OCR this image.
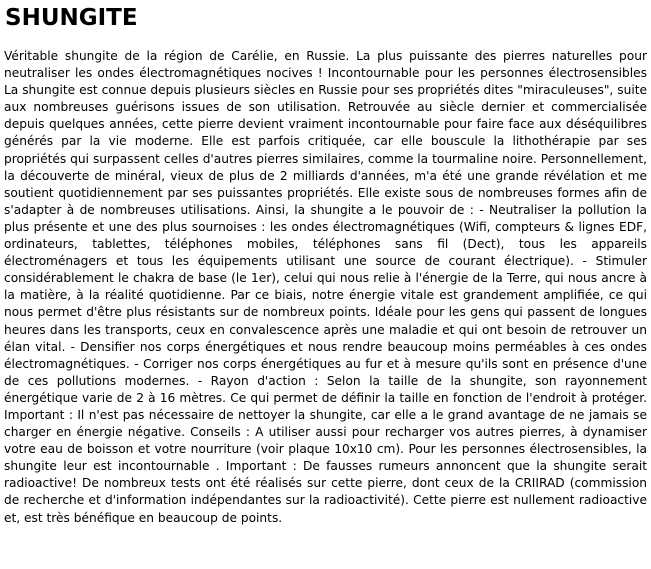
SHUNGITE

Véritable shungite de la région de Carélie, en Russie. La plus puissante des pierres naturelles pour neutraliser les ondes électromagnétiques nocives ! Incontournable pour les personnes électrosensibles La shungite est connue depuis plusieurs siècles en Russie pour ses propriétés dites "miraculeuses", suite aux nombreuses guérisons issues de son utilisation. Retrouvée au siècle dernier et commercialisée depuis quelques années, cette pierre devient vraiment incontournable pour faire face aux déséquilibres générés par la vie moderne. Elle est parfois critiquée, car elle bouscule la lithothérapie par ses propriétés qui surpassent celles d'autres pierres similaires, comme la tourmaline noire. Personnellement, la découverte de minéral, vieux de plus de 2 milliards d'années, m'a été une grande révélation et me soutient quotidiennement par ses puissantes propriétés. Elle existe sous de nombreuses formes afin de s'adapter à de nombreuses utilisations. Ainsi, la shungite a le pouvoir de : - Neutraliser la pollution la plus présente et une des plus sournoises : les ondes électromagnétiques (Wifi, compteurs & lignes EDF, ordinateurs, tablettes, téléphones mobiles, téléphones sans fil (Dect), tous les appareils électroménagers et tous les équipements utilisant une source de courant électrique). - Stimuler considérablement le chakra de base (le 1er), celui qui nous relie à l'énergie de la Terre, qui nous ancre à la matière, à la réalité quotidienne. Par ce biais, notre énergie vitale est grandement amplifiée, ce qui nous permet d'être plus résistants sur de nombreux points. Idéale pour les gens qui passent de longues heures dans les transports, ceux en convalescence après une maladie et qui ont besoin de retrouver un élan vital. - Densifier nos corps énergétiques et nous rendre beaucoup moins perméables à ces ondes électromagnétiques. - Corriger nos corps énergétiques au fur et à mesure qu'ils sont en présence d'une de ces pollutions modernes. - Rayon d'action : Selon la taille de la shungite, son rayonnement énergétique varie de 2 à 16 mètres. Ce qui permet de définir la taille en fonction de l'endroit à protéger. Important : Il n'est pas nécessaire de nettoyer la shungite, car elle a le grand avantage de ne jamais se charger en énergie négative. Conseils : A utiliser aussi pour recharger vos autres pierres, à dynamiser votre eau de boisson et votre nourriture (voir plaque 10x10 cm). Pour les personnes électrosensibles, la shungite leur est incontournable . Important : De fausses rumeurs annoncent que la shungite serait radioactive! De nombreux tests ont été réalisés sur cette pierre, dont ceux de la CRIIRAD (commission de recherche et d'information indépendantes sur la radioactivité). Cette pierre est nullement radioactive et, est très bénéfique en beaucoup de points.
